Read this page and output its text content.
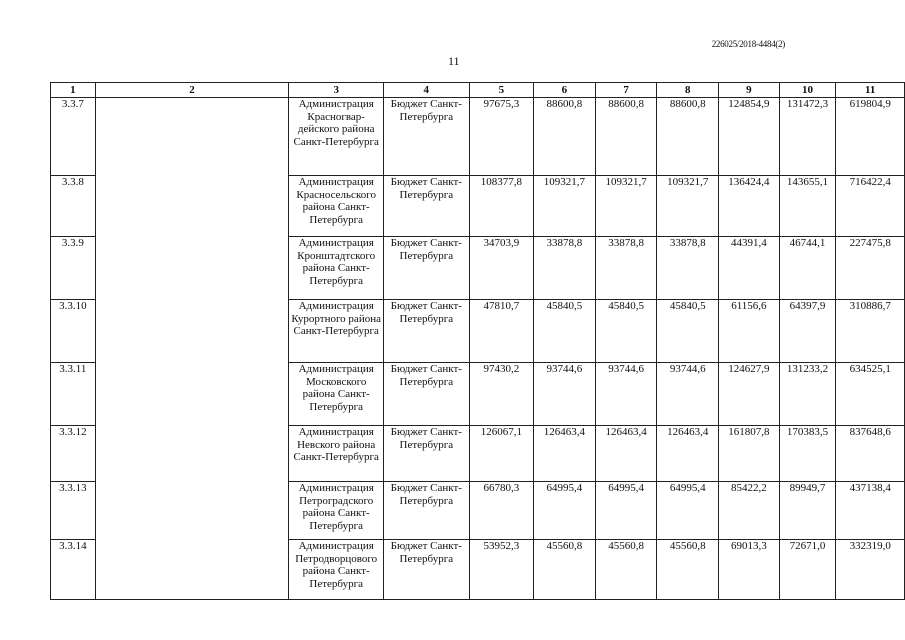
226025/2018-4484(2)
11
1	2	3	4	5	6	7	8	9	10	11
3.3.7		Администрация Красногвар-дейского района Санкт-Петербурга	Бюджет Санкт-Петербурга	97675,3	88600,8	88600,8	88600,8	124854,9	131472,3	619804,9
3.3.8		Администрация Красносельского района Санкт-Петербурга	Бюджет Санкт-Петербурга	108377,8	109321,7	109321,7	109321,7	136424,4	143655,1	716422,4
3.3.9		Администрация Кронштадтского района Санкт-Петербурга	Бюджет Санкт-Петербурга	34703,9	33878,8	33878,8	33878,8	44391,4	46744,1	227475,8
3.3.10		Администрация Курортного района Санкт-Петербурга	Бюджет Санкт-Петербурга	47810,7	45840,5	45840,5	45840,5	61156,6	64397,9	310886,7
3.3.11		Администрация Московского района Санкт-Петербурга	Бюджет Санкт-Петербурга	97430,2	93744,6	93744,6	93744,6	124627,9	131233,2	634525,1
3.3.12		Администрация Невского района Санкт-Петербурга	Бюджет Санкт-Петербурга	126067,1	126463,4	126463,4	126463,4	161807,8	170383,5	837648,6
3.3.13		Администрация Петроградского района Санкт-Петербурга	Бюджет Санкт-Петербурга	66780,3	64995,4	64995,4	64995,4	85422,2	89949,7	437138,4
3.3.14		Администрация Петродворцового района Санкт-Петербурга	Бюджет Санкт-Петербурга	53952,3	45560,8	45560,8	45560,8	69013,3	72671,0	332319,0
